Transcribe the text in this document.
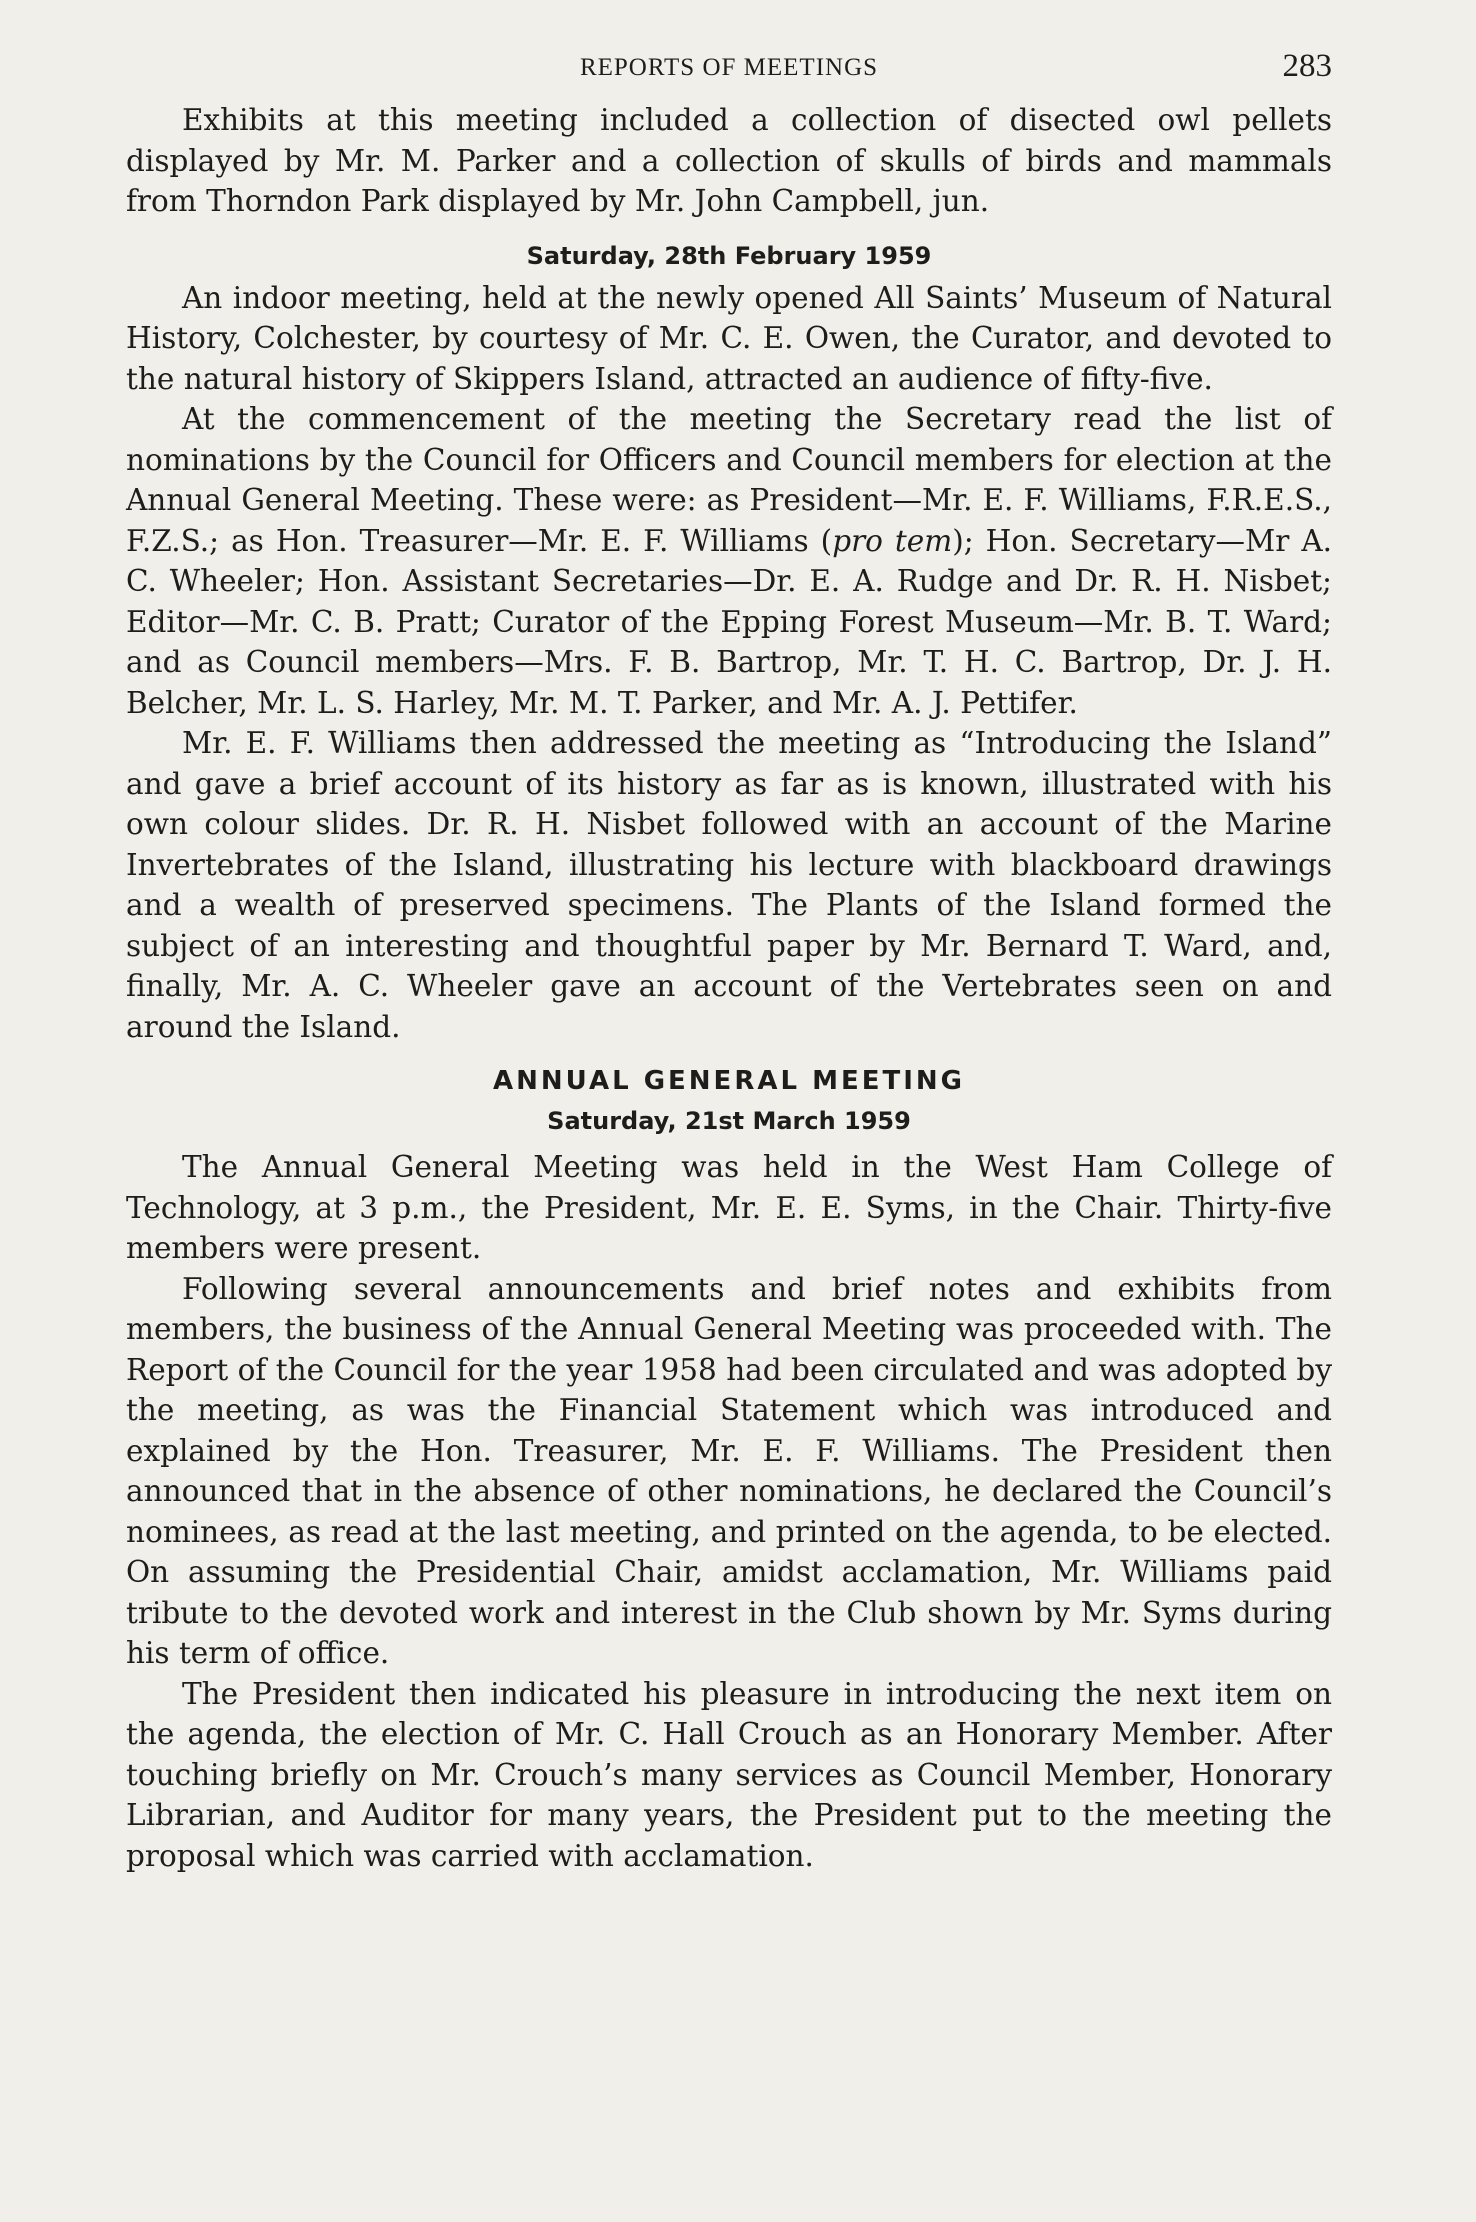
REPORTS OF MEETINGS	283

Exhibits at this meeting included a collection of disected owl pellets displayed by Mr. M. Parker and a collection of skulls of birds and mammals from Thorndon Park displayed by Mr. John Campbell, jun.

Saturday, 28th February 1959

An indoor meeting, held at the newly opened All Saints’ Museum of Natural History, Colchester, by courtesy of Mr. C. E. Owen, the Curator, and devoted to the natural history of Skippers Island, attracted an audience of fifty-five.

At the commencement of the meeting the Secretary read the list of nominations by the Council for Officers and Council members for election at the Annual General Meeting. These were: as President—Mr. E. F. Williams, F.R.E.S., F.Z.S.; as Hon. Treasurer—Mr. E. F. Williams (pro tem); Hon. Secretary—Mr A. C. Wheeler; Hon. Assistant Secretaries—Dr. E. A. Rudge and Dr. R. H. Nisbet; Editor—Mr. C. B. Pratt; Curator of the Epping Forest Museum—Mr. B. T. Ward; and as Council members—Mrs. F. B. Bartrop, Mr. T. H. C. Bartrop, Dr. J. H. Belcher, Mr. L. S. Harley, Mr. M. T. Parker, and Mr. A. J. Pettifer.

Mr. E. F. Williams then addressed the meeting as “Introducing the Island” and gave a brief account of its history as far as is known, illustrated with his own colour slides. Dr. R. H. Nisbet followed with an account of the Marine Invertebrates of the Island, illustrating his lecture with blackboard drawings and a wealth of preserved specimens. The Plants of the Island formed the subject of an interesting and thoughtful paper by Mr. Bernard T. Ward, and, finally, Mr. A. C. Wheeler gave an account of the Vertebrates seen on and around the Island.

ANNUAL GENERAL MEETING
Saturday, 21st March 1959

The Annual General Meeting was held in the West Ham College of Technology, at 3 p.m., the President, Mr. E. E. Syms, in the Chair. Thirty-five members were present.

Following several announcements and brief notes and exhibits from members, the business of the Annual General Meeting was proceeded with. The Report of the Council for the year 1958 had been circulated and was adopted by the meeting, as was the Financial Statement which was introduced and explained by the Hon. Treasurer, Mr. E. F. Williams. The President then announced that in the absence of other nominations, he declared the Council’s nominees, as read at the last meeting, and printed on the agenda, to be elected. On assuming the Presidential Chair, amidst acclamation, Mr. Williams paid tribute to the devoted work and interest in the Club shown by Mr. Syms during his term of office.

The President then indicated his pleasure in introducing the next item on the agenda, the election of Mr. C. Hall Crouch as an Honorary Member. After touching briefly on Mr. Crouch’s many services as Council Member, Honorary Librarian, and Auditor for many years, the President put to the meeting the proposal which was carried with acclamation.
